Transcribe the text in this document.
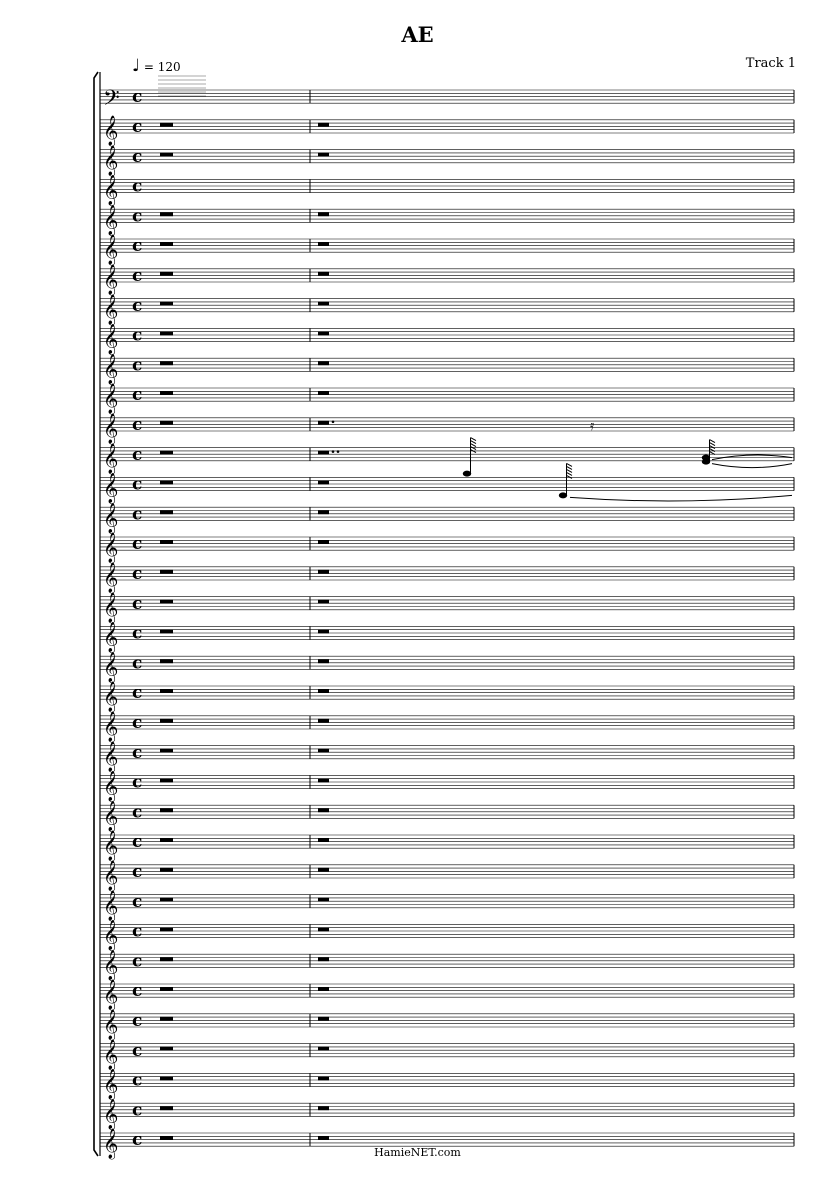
AE
Track 1
♩ = 120
𝄢 c
𝄞 c
𝄞 c
𝄞 c
𝄞 c
𝄞 c
𝄞 c
𝄞 c
𝄞 c
𝄞 c
𝄞 c
𝄞 c
𝄞 c
𝄞 c
𝄞 c
𝄞 c
𝄞 c
𝄞 c
𝄞 c
𝄞 c
𝄞 c
𝄞 c
𝄞 c
𝄞 c
𝄞 c
𝄞 c
𝄞 c
𝄞 c
𝄞 c
𝄞 c
𝄞 c
𝄞 c
𝄞 c
𝄞 c
𝄞 c
𝄞 c
𝄿
HamieNET.com
